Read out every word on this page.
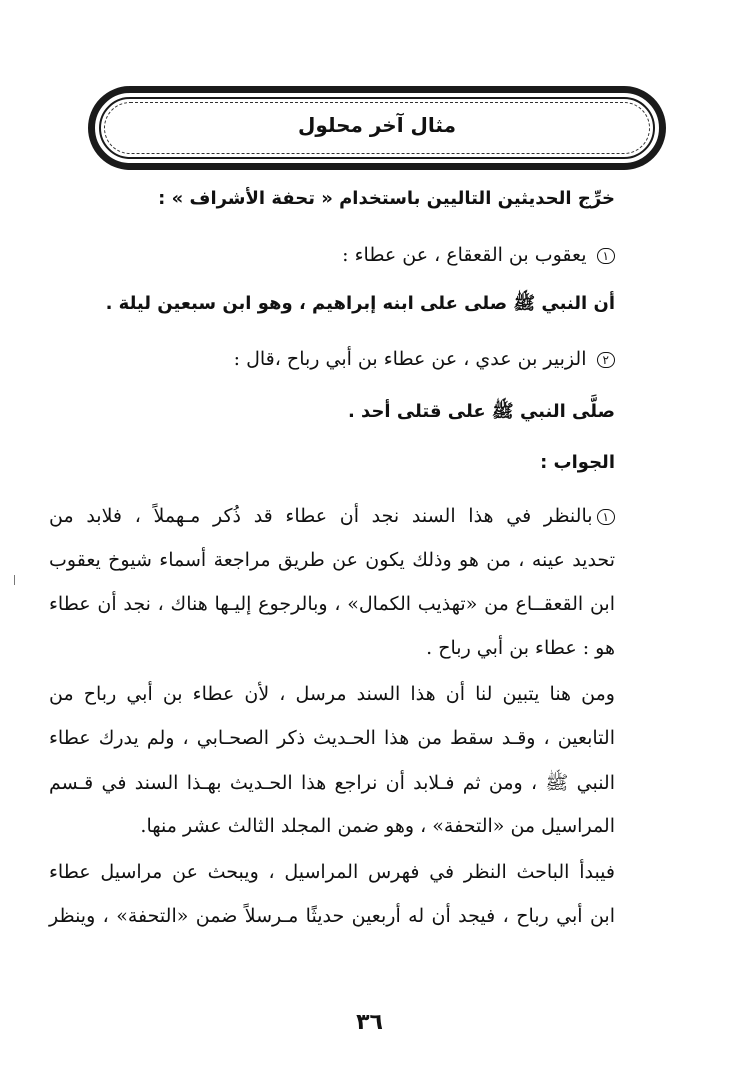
مثال آخر محلول
خرِّج الحديثين التاليين باستخدام « تحفة الأشراف » :
١ يعقوب بن القعقاع ، عن عطاء :
أن النبي ﷺ صلى على ابنه إبراهيم ، وهو ابن سبعين ليلة .
٢ الزبير بن عدي ، عن عطاء بن أبي رباح ،قال :
صلَّى النبي ﷺ على قتلى أحد .
الجواب :
١بالنظر في هذا السند نجد أن عطاء قد ذُكر مـهملاً ، فلابد من
تحديد عينه ، من هو وذلك يكون عن طريق مراجعة أسماء شيوخ يعقوب
ابن القعقــاع من «تهذيب الكمال» ، وبالرجوع إليـها هناك ، نجد أن عطاء
هو : عطاء بن أبي رباح .
ومن هنا يتبين لنا أن هذا السند مرسل ، لأن عطاء بن أبي رباح من
التابعين ، وقـد سقط من هذا الحـديث ذكر الصحـابي ، ولم يدرك عطاء
النبي ﷺ ، ومن ثم فـلابد أن نراجع هذا الحـديث بهـذا السند في قـسم
المراسيل من «التحفة» ، وهو ضمن المجلد الثالث عشر منها.
فيبدأ الباحث النظر في فهرس المراسيل ، ويبحث عن مراسيل عطاء
ابن أبي رباح ، فيجد أن له أربعين حديثًا مـرسلاً ضمن «التحفة» ، وينظر
٣٦
